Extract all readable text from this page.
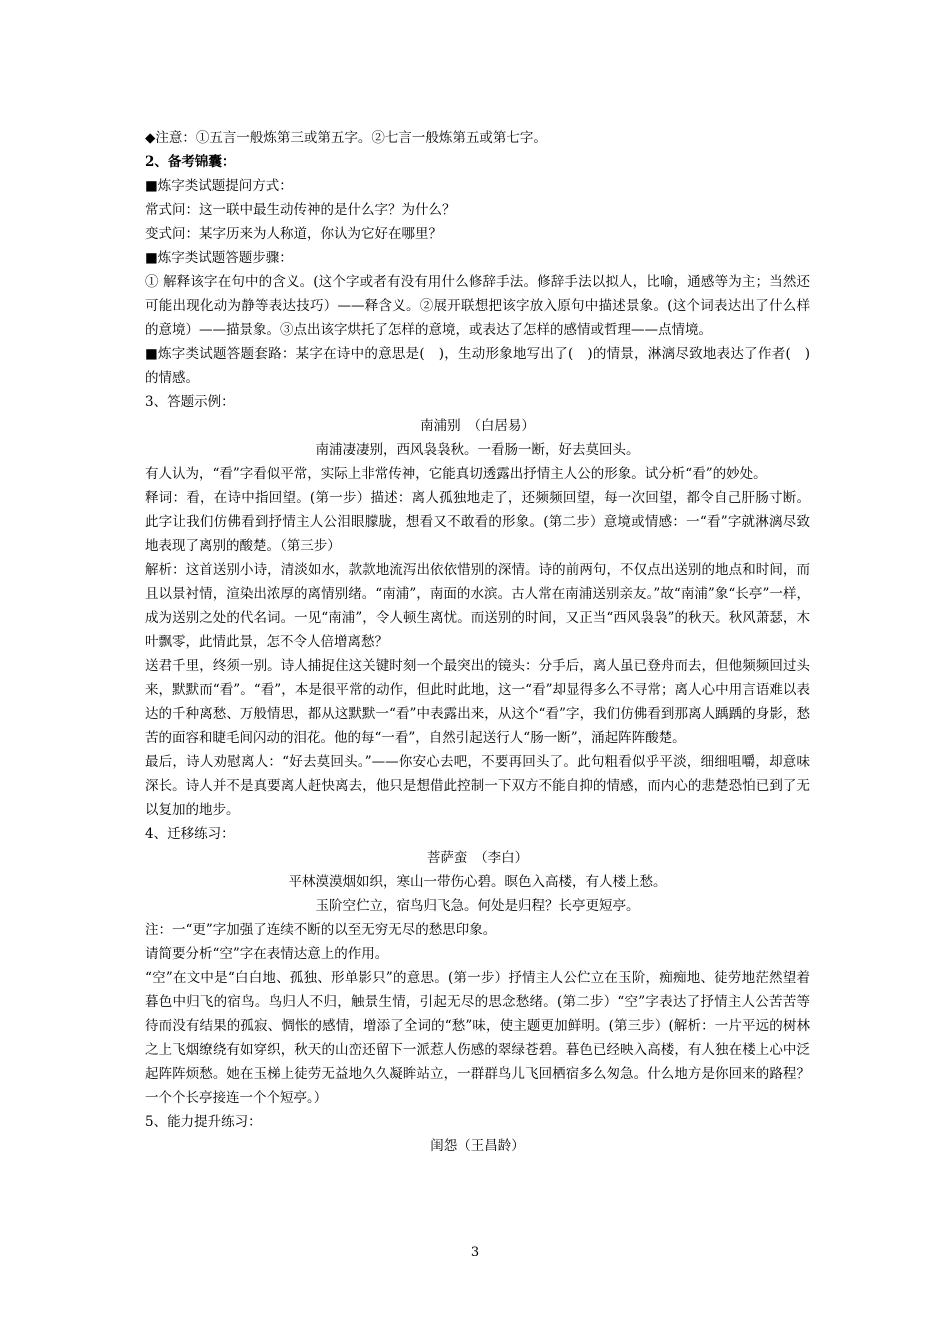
◆注意：①五言一般炼第三或第五字。②七言一般炼第五或第七字。

2、备考锦囊：

■炼字类试题提问方式：

常式问：这一联中最生动传神的是什么字？为什么？

变式问：某字历来为人称道，你认为它好在哪里？

■炼字类试题答题步骤：

① 解释该字在句中的含义。(这个字或者有没有用什么修辞手法。修辞手法以拟人，比喻，通感等为主；当然还可能出现化动为静等表达技巧）——释含义。②展开联想把该字放入原句中描述景象。(这个词表达出了什么样的意境）——描景象。③点出该字烘托了怎样的意境，或表达了怎样的感情或哲理——点情境。

■炼字类试题答题套路：某字在诗中的意思是(　)，生动形象地写出了(　)的情景，淋漓尽致地表达了作者(　)的情感。

3、答题示例：

南浦别　（白居易）

南浦凄凄别，西风袅袅秋。一看肠一断，好去莫回头。

有人认为，“看”字看似平常，实际上非常传神，它能真切透露出抒情主人公的形象。试分析“看”的妙处。

释词：看，在诗中指回望。(第一步）描述：离人孤独地走了，还频频回望，每一次回望，都令自己肝肠寸断。此字让我们仿佛看到抒情主人公泪眼朦胧，想看又不敢看的形象。(第二步）意境或情感：一“看”字就淋漓尽致地表现了离别的酸楚。（第三步）

解析：这首送别小诗，清淡如水，款款地流泻出依依惜别的深情。诗的前两句，不仅点出送别的地点和时间，而且以景衬情，渲染出浓厚的离情别绪。“南浦”，南面的水滨。古人常在南浦送别亲友。”故“南浦”象“长亭”一样，成为送别之处的代名词。一见“南浦”，令人顿生离忧。而送别的时间，又正当“西风袅袅”的秋天。秋风萧瑟，木叶飘零，此情此景，怎不令人倍增离愁？

送君千里，终须一别。诗人捕捉住这关键时刻一个最突出的镜头：分手后，离人虽已登舟而去，但他频频回过头来，默默而“看”。“看”，本是很平常的动作，但此时此地，这一“看”却显得多么不寻常；离人心中用言语难以表达的千种离愁、万般情思，都从这默默一“看”中表露出来，从这个“看”字，我们仿佛看到那离人踽踽的身影，愁苦的面容和睫毛间闪动的泪花。他的每“一看”，自然引起送行人“肠一断”，涌起阵阵酸楚。

最后，诗人劝慰离人：“好去莫回头。”——你安心去吧，不要再回头了。此句粗看似乎平淡，细细咀嚼，却意味深长。诗人并不是真要离人赶快离去，他只是想借此控制一下双方不能自抑的情感，而内心的悲楚恐怕已到了无以复加的地步。

4、迁移练习：

菩萨蛮　（李白）

平林漠漠烟如织，寒山一带伤心碧。暝色入高楼，有人楼上愁。

玉阶空伫立，宿鸟归飞急。何处是归程？长亭更短亭。

注：一“更”字加强了连续不断的以至无穷无尽的愁思印象。

请简要分析“空”字在表情达意上的作用。

“空”在文中是“白白地、孤独、形单影只”的意思。(第一步）抒情主人公伫立在玉阶，痴痴地、徒劳地茫然望着暮色中归飞的宿鸟。鸟归人不归，触景生情，引起无尽的思念愁绪。(第二步）“空”字表达了抒情主人公苦苦等待而没有结果的孤寂、惆怅的感情，增添了全词的“愁”味，使主题更加鲜明。(第三步）(解析：一片平远的树林之上飞烟缭绕有如穿织，秋天的山峦还留下一派惹人伤感的翠绿苍碧。暮色已经映入高楼，有人独在楼上心中泛起阵阵烦愁。她在玉梯上徒劳无益地久久凝眸站立，一群群鸟儿飞回栖宿多么匆急。什么地方是你回来的路程？一个个长亭接连一个个短亭。）

5、能力提升练习：

闺怨（王昌龄）

3
